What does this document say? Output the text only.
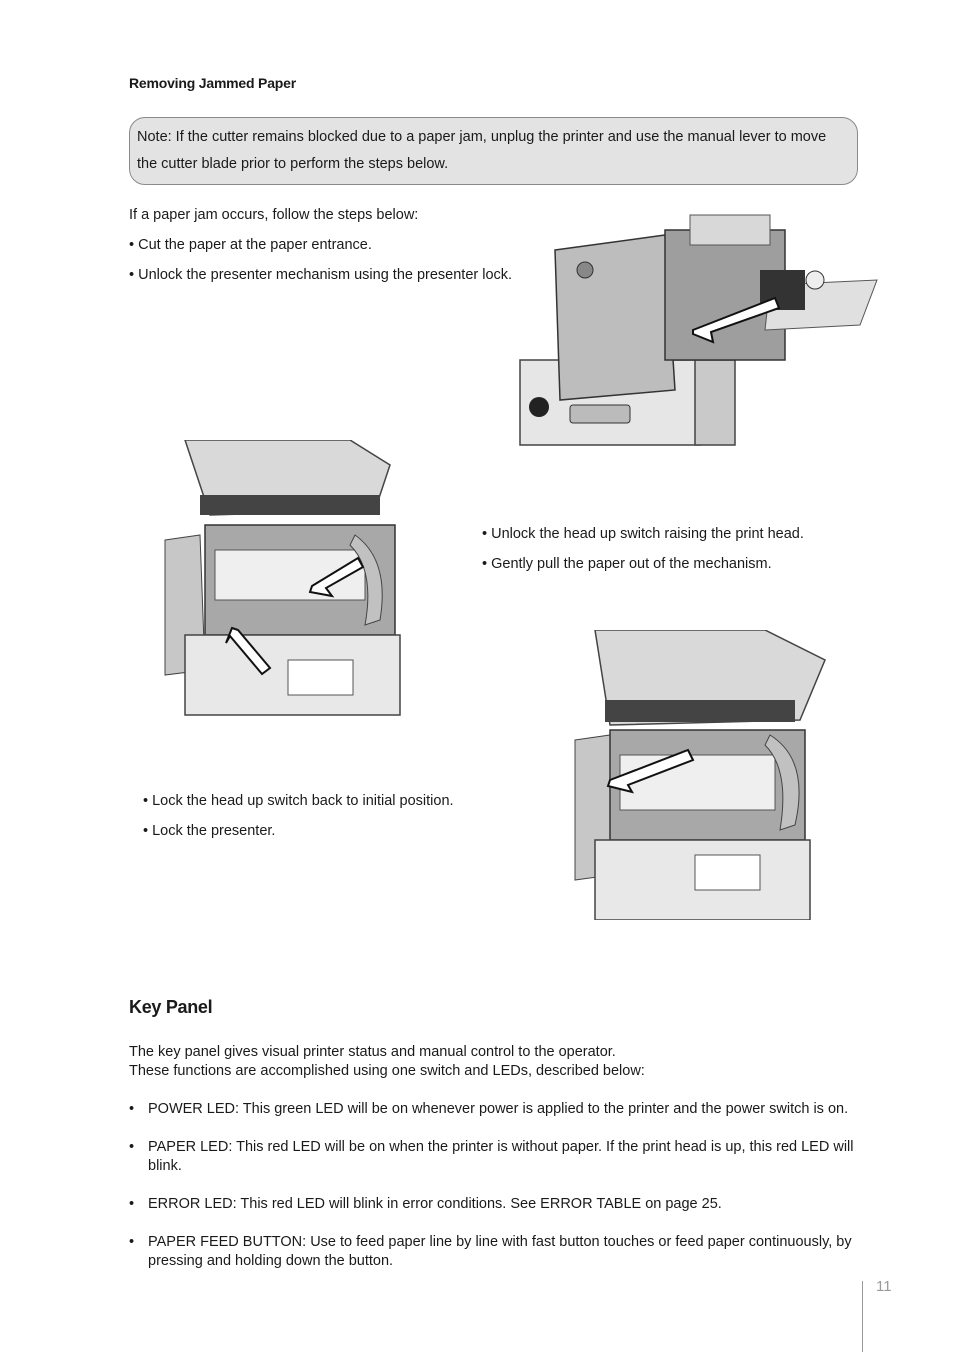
Removing Jammed Paper
Note: If the cutter remains blocked due to a paper jam, unplug the printer and use the manual lever to move the cutter blade prior to perform the steps below.
If a paper jam occurs, follow the steps below:
• Cut the paper at the paper entrance.
• Unlock the presenter mechanism using the presenter lock.
• Unlock the head up switch raising the print head.
• Gently pull the paper out of the mechanism.
• Lock the head up switch back to initial position.
• Lock the presenter.
Key Panel
The key panel gives visual printer status and manual control to the operator.
These functions are accomplished using one switch and LEDs, described below:
• POWER LED: This green LED will be on whenever power is applied to the printer and the power switch is on.
• PAPER LED: This red LED will be on when the printer is without paper. If the print head is up, this red LED will blink.
• ERROR LED: This red LED will blink in error conditions. See ERROR TABLE on page 25.
• PAPER FEED BUTTON: Use to feed paper line by line with fast button touches or feed paper continuously, by pressing and holding down the button.
11
